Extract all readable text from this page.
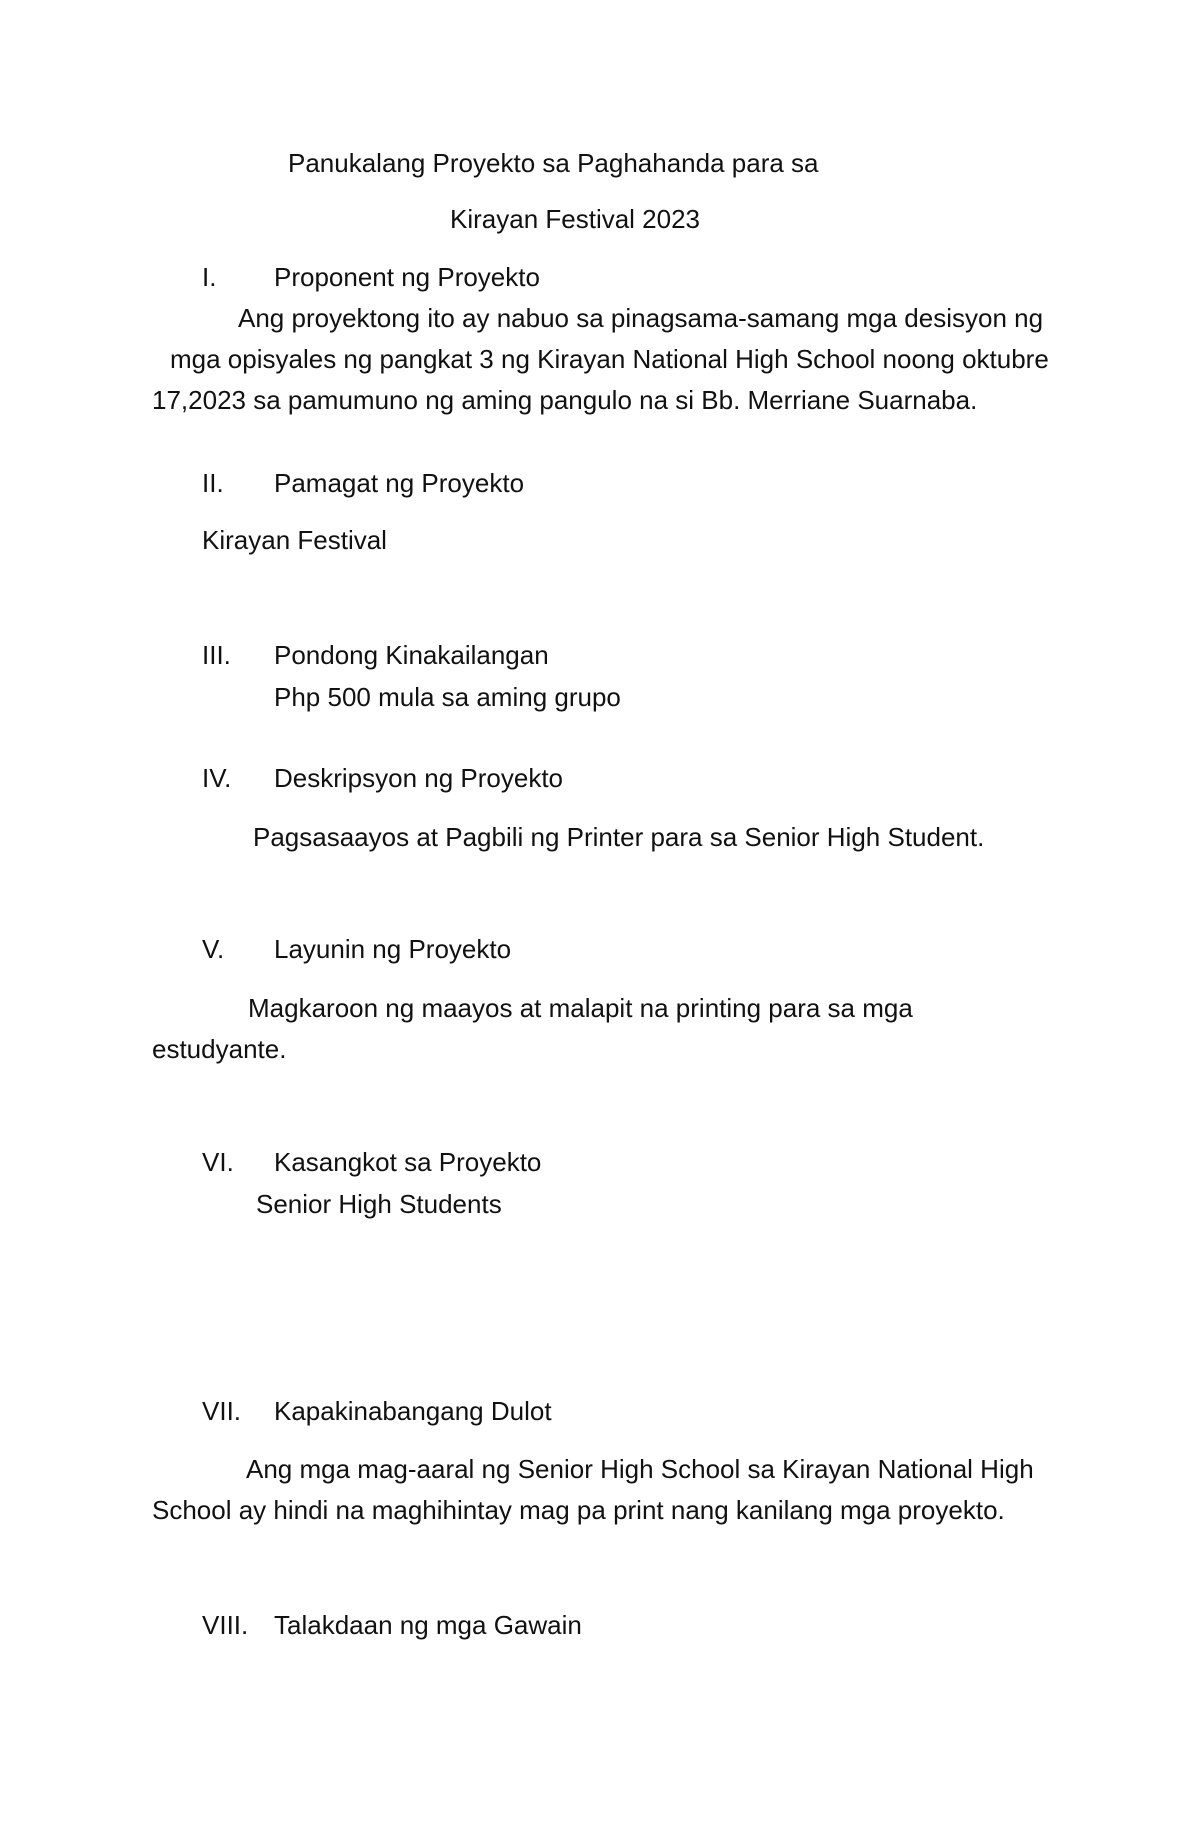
Panukalang Proyekto sa Paghahanda para sa
Kirayan Festival 2023
I. Proponent ng Proyekto
Ang proyektong ito ay nabuo sa pinagsama-samang mga desisyon ng
mga opisyales ng pangkat 3 ng Kirayan National High School noong oktubre
17,2023 sa pamumuno ng aming pangulo na si Bb. Merriane Suarnaba.
II. Pamagat ng Proyekto
Kirayan Festival
III. Pondong Kinakailangan
Php 500 mula sa aming grupo
IV. Deskripsyon ng Proyekto
Pagsasaayos at Pagbili ng Printer para sa Senior High Student.
V. Layunin ng Proyekto
Magkaroon ng maayos at malapit na printing para sa mga
estudyante.
VI. Kasangkot sa Proyekto
Senior High Students
VII. Kapakinabangang Dulot
Ang mga mag-aaral ng Senior High School sa Kirayan National High
School ay hindi na maghihintay mag pa print nang kanilang mga proyekto.
VIII. Talakdaan ng mga Gawain
